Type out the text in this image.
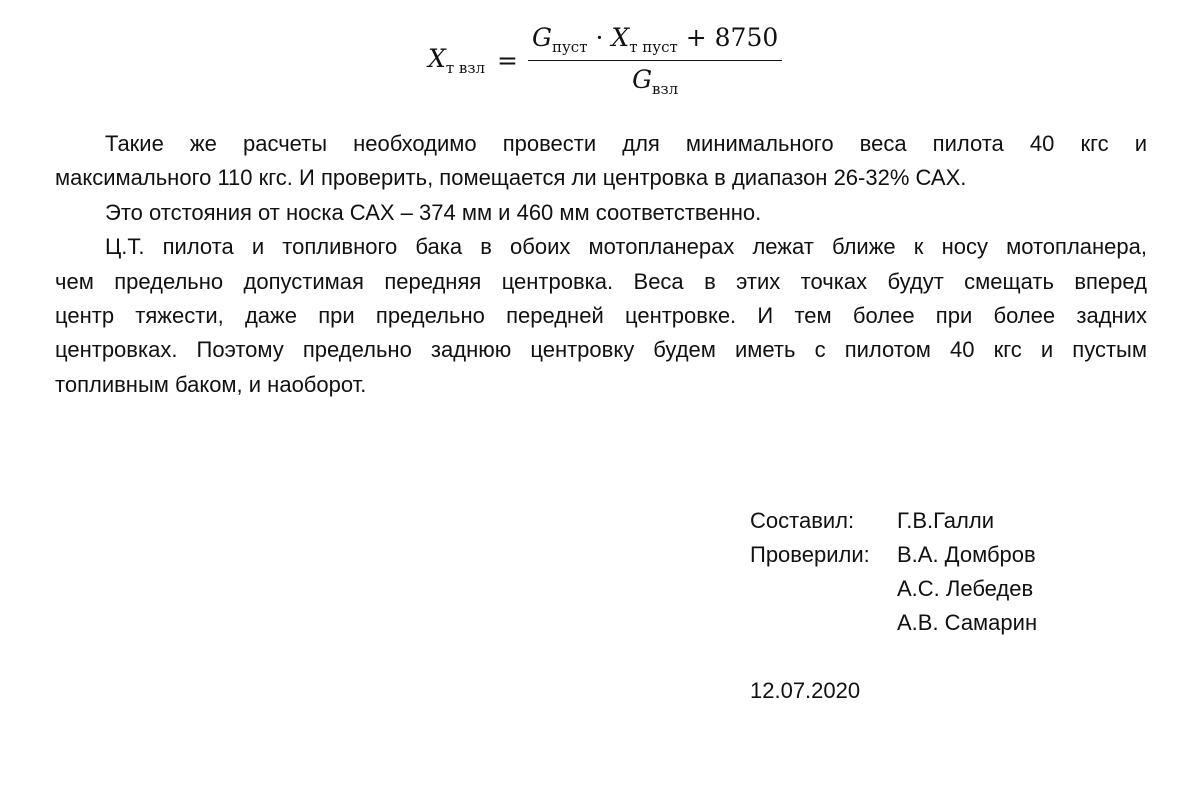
$X_{т взл} = \frac{G_{пуст} \cdot X_{т пуст} + 8750}{G_{взл}}$
Такие же расчеты необходимо провести для минимального веса пилота 40 кгс и
максимального 110 кгс. И проверить, помещается ли центровка в диапазон 26-32% САХ.
Это отстояния от носка САХ – 374 мм и 460 мм соответственно.
Ц.Т. пилота и топливного бака в обоих мотопланерах лежат ближе к носу мотопланера,
чем предельно допустимая передняя центровка. Веса в этих точках будут смещать вперед
центр тяжести, даже при предельно передней центровке. И тем более при более задних
центровках. Поэтому предельно заднюю центровку будем иметь с пилотом 40 кгс и пустым
топливным баком, и наоборот.
Составил: Г.В.Галли
Проверили: В.А. Домбров
А.С. Лебедев
А.В. Самарин
12.07.2020
